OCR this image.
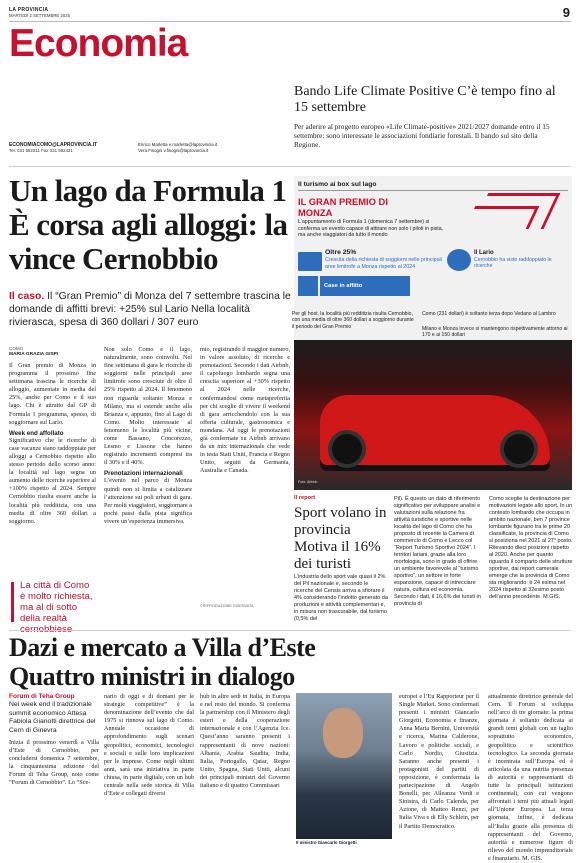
LA PROVINCIA
MARTEDÌ 2 SETTEMBRE 2025	9
Economia
Bando Life Climate Positive C’è tempo fino al 15 settembre
Per aderire al progetto europeo «Life Climate-positive» 2021/2027 domande entro il 15 settembre: sono interessate le associazioni fondiarie forestali. Il bando sul sito della Regione.
ECONOMIACOMO@LAPROVINCIA.IT
Tel. 031 582311 Fax 031 582421
Enrico Marletta e.marletta@laprovincia.it
Vera Fisogni v.fisogni@laprovincia.it
Un lago da Formula 1 È corsa agli alloggi: la vince Cernobbio
Il caso. Il “Gran Premio” di Monza del 7 settembre trascina le domande di affitti brevi: +25% sul Lario Nella località rivierasca, spesa di 360 dollari / 307 euro
COMO
MARIA GRAZIA GISPI
Il Gran premio di Monza in programma il prossimo fine settimana trascina le ricerche di alloggio, aumentate in media del 25%, anche per Como e il suo lago. Chi è attratto dal GP di Formula 1 programma, spesso, di soggiornare sul Lario.
Week end affollato
Significativo che le ricerche di case vacanze siano raddoppiate per alloggi a Cernobbio rispetto allo stesso periodo dello scorso anno: la località sul lago segna un aumento delle ricerche superiore al +100% rispetto al 2024. Sempre Cernobbio risulta essere anche la località più redditizia, con una media di oltre 360 dollari a soggiorno.
La città di Como è molto richiesta, ma al di sotto della realtà
Non solo Como e il lago, naturalmente, sono coinvolti. Nel fine settimana di gara le ricerche di soggiorni nelle principali aree limitrofe sono cresciute di oltre il 25% rispetto al 2024. Il fenomeno non riguarda soltanto Monza e Milano, ma si estende anche alla Brianza e, appunto, fino al Lago di Como. Molto interessate al fenomeno le località più vicine, come Bassano, Concorezzo, Lesmo e Lissone che hanno registrato incrementi compresi tra il 30% e il 40%.
Prenotazioni internazionali
L’evento nel parco di Monza quindi non si limita a catalizzare l’attenzione sui poli urbani di gara. Per molti viaggiatori, soggiornare a pochi passi dalla pista significa vivere un’esperienza immersiva.
mio, registrando il maggior numero, in valore assoluto, di ricerche e prenotazioni. Secondo i dati Airbnb, il capoluogo lombardo segna una crescita superiore al +30% rispetto al 2024 nelle ricerche, confermandosi come metapreferita per chi sceglie di vivere il weekend di gara arricchendolo con la sua offerta culturale, gastronomica e mondana. Ad oggi le prenotazioni già confermate su Airbnb arrivano da un mix internazionale che vede in testa Stati Uniti, Francia e Regno Unito, seguiti da Germania, Australia e Canada.
©RIPRODUZIONE RISERVATA
Il turismo ai box sul lago
IL GRAN PREMIO DI MONZA
L’appuntamento di Formula 1 (domenica 7 settembre) si conferma un evento capace di attirare non solo i piloti in pista, ma anche viaggiatori da tutto il mondo
Oltre 25%
Crescita della richiesta di soggiorni nelle principali aree limitrofe a Monza rispetto al 2024
Il Lario
Cernobbio ha visto raddoppiato le ricerche
Case in affitto
Per gli host, la località più redditizia risulta Cernobbio, con una media di oltre 360 dollari a soggiorno durante il periodo del Gran Premio
Como (231 dollari) è soltanto terza dopo Vedano al Lambro
Milano e Monza invece si mantengono rispettivamente attorno ai 170 e ai 150 dollari
Foto: Airbnb
Il report
Sport volano in provincia Motiva il 16% dei turisti
L’industria dello sport vale quasi il 2% del Pil nazionale e, secondo le ricerche del Censis arriva a sfiorare il 4% considerando l’indotto generato da produzioni e attività complementari e, in misura non trascurabile, dal turismo (0,5% del
Pil). È questo un dato di riferimento significativo per sviluppare analisi e valutazioni sulla relazione fra attività turistiche e sportive nelle località del lago di Como che ha proposto di recente la Camera di commercio di Como e Lecco col “Report Turismo Sportivo 2024”. I territori lariani, grazie alla loro morfologia, sono in grado di offrire un ambiente favorevole al “turismo sportivo”, un settore in forte espansione, capace di intrecciare natura, cultura ed economia. Secondo i dati, il 16,6% dei turisti in provincia di
Como sceglie la destinazione per motivazioni legate allo sport. In un contesto lombardo che occupa in ambito nazionale, ben 7 province lombarde figurano tra le prime 20 classificate, la provincia di Como si posiziona nel 2021 al 27° posto. Rilevando dieci posizioni rispetto al 2020. Anche per quanto riguarda il comparto delle strutture sportive, dai report camerale emerge che la provincia di Como sta migliorando: è 24 esima nel 2024 rispetto al 32esimo posto dell’anno precedente. M.GIS.
Dazi e mercato a Villa d’Este Quattro ministri in dialogo
Forum di Teha Group
Nel week end il tradizionale summit economico Attesa Fabiola Gianotti direttrice del Cern di Ginevra
Inizia il prossimo venerdì a Villa d’Este di Cernobbio, per concludersi domenica 7 settembre, la cinquantesima edizione del Forum di Teha Group, noto come “Forum di Cernobbio”. Lo “Sce-
nario di oggi e di domani per le strategie competitive” è la denominazione dell’evento che dal 1975 si rinnova sul lago di Como. Annuale occasione di approfondimento sugli scenari geopolitici, economici, tecnologici e sociali e sulle loro implicazioni per le imprese. Come negli ultimi anni, sarà una iniziativa in parte chiusa, in parte digitale, con un hub centrale nella sede storica di Villa d’Este e collegati diversi
hub in altre sedi in Italia, in Europa e nel resto del mondo. Si conferma la partnership con il Ministero degli esteri e della cooperazione internazionale e con l’Agenzia Ice. Quest’anno saranno presenti i rappresentanti di nove nazioni: Albania, Arabia Saudita, India, Italia, Portogallo, Qatar, Regno Unito, Spagna, Stati Uniti, alcuni dei principali ministri del Governo italiano e di quattro Commissari
Il ministro Giancarlo Giorgetti
europei e l’Eu Rapporteur per il Single Market. Sono confermati presenti i ministri Giancarlo Giorgetti, Economia e finanze, Anna Maria Bernini, Università e ricerca, Marina Calderone, Lavoro e politiche sociali, e Carlo Nordio, Giustizia. Saranno anche presenti i protagonisti del partiti di opposizione, è confermata la partecipazione di Angelo Bonelli, per Alleanza Verdi e Sinistra, di Carlo Calenda, per Azione, di Matteo Renzi, per Italia Viva e di Elly Schlein, per il Partito Democratico.
attualmente direttrice generale del Cern. Il Forum si sviluppa nell’arco di tre giornate: la prima giornata è soltanto dedicata ai grandi temi globali con un taglio soprattutto economico, geopolitico e scientifico tecnologico. La seconda giornata è incentrata sull’Europa ed è articolata da una nutrita presenza di autorità e rappresentanti di tutte le principali istituzioni continentali, con cui vengono affrontati i temi più attuali legati all’Unione Europea. La terza giornata, infine, è dedicata all’Italia grazie alla presenza di rappresentanti del Governo, autorità e numerose figure di rilievo del mondo imprenditoriale e finanziario. M. GIS.
